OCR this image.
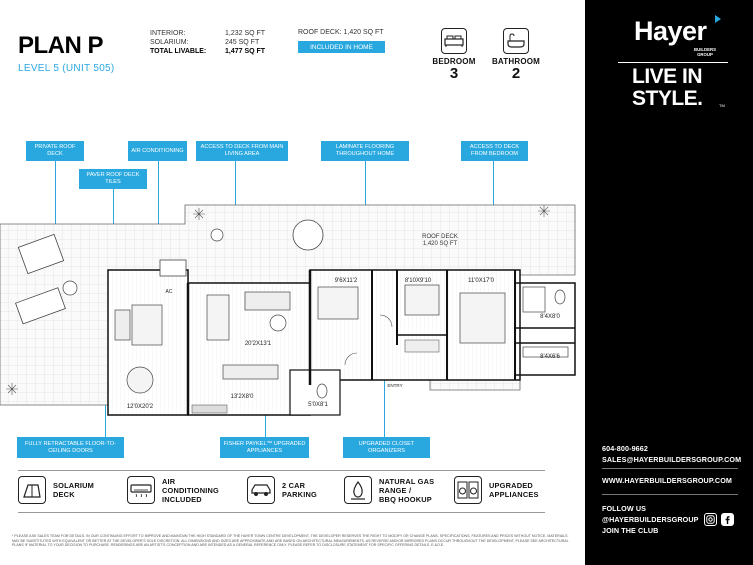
PLAN P
LEVEL 5 (UNIT 505)
INTERIOR:	1,232 SQ FT
SOLARIUM:	245 SQ FT
TOTAL LIVABLE:	1,477 SQ FT
ROOF DECK: 1,420 SQ FT
INCLUDED IN HOME
BEDROOM
3
BATHROOM
2
ROOF DECK
1,420 SQ FT
9'6X11'2	8'10X9'10	11'0X17'0
20'2X13'1
12'0X20'2
13'2X8'0
8'4X8'0
8'4X6'6
5'0X8'1
AC
ENTRY
PRIVATE ROOF DECK
PAVER ROOF DECK TILES
AIR CONDITIONING
ACCESS TO DECK FROM MAIN LIVING AREA
LAMINATE FLOORING THROUGHOUT HOME
ACCESS TO DECK FROM BEDROOM
FULLY RETRACTABLE FLOOR-TO-CEILING DOORS
FISHER PAYKEL™ UPGRADED APPLIANCES
UPGRADED CLOSET ORGANIZERS
SOLARIUM
DECK
AIR
CONDITIONING
INCLUDED
2 CAR
PARKING
NATURAL GAS
RANGE /
BBQ HOOKUP
UPGRADED
APPLIANCES
* PLEASE ASK SALES TEAM FOR DETAILS. IN OUR CONTINUING EFFORT TO IMPROVE AND MAINTAIN THE HIGH STANDARD OF THE HAYER TOWN CENTRE DEVELOPMENT, THE DEVELOPER RESERVES THE RIGHT TO MODIFY OR CHANGE PLANS, SPECIFICATIONS, FEATURES AND PRICES WITHOUT NOTICE. MATERIALS MAY BE SUBSTITUTED WITH EQUIVALENT OR BETTER AT THE DEVELOPER'S SOLE DISCRETION. ALL DIMENSIONS AND SIZES ARE APPROXIMATE AND ARE BASED ON ARCHITECTURAL MEASUREMENTS. AS REVERSE AND/OR MIRRORED PLANS OCCUR THROUGHOUT THE DEVELOPMENT, PLEASE SEE ARCHITECTURAL PLANS IF MATERIAL TO YOUR DECISION TO PURCHASE. RENDERINGS ARE AN ARTIST'S CONCEPTION AND ARE INTENDED AS A GENERAL REFERENCE ONLY. PLEASE REFER TO DISCLOSURE STATEMENT FOR SPECIFIC OFFERING DETAILS. E.&O.E.
Hayer
BUILDERS
GROUP
LIVE IN
STYLE.	TM
604-800-9662
SALES@HAYERBUILDERSGROUP.COM
WWW.HAYERBUILDERSGROUP.COM
FOLLOW US
@HAYERBUILDERSGROUP
JOIN THE CLUB
